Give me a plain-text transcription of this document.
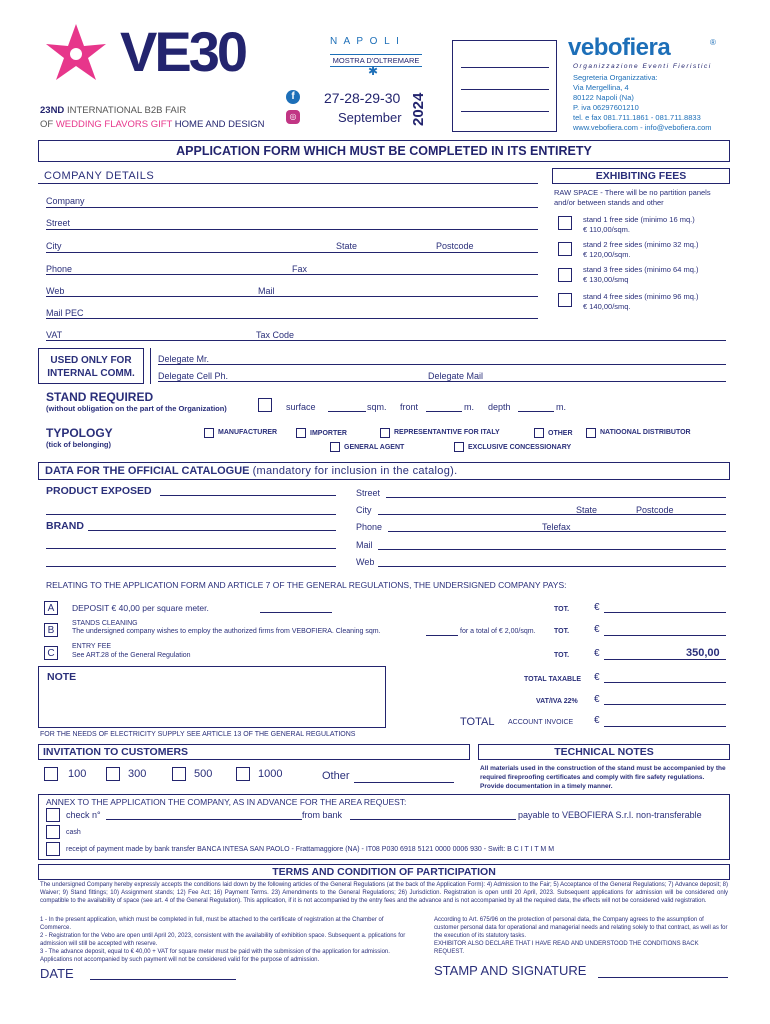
VE30
23ND INTERNATIONAL B2B FAIR
OF WEDDING FLAVORS GIFT HOME AND DESIGN
f
◎
N A P O L I
MOSTRA D'OLTREMARE
✱
27-28-29-30
September 2024
vebofiera	®
Organizzazione Eventi Fieristici
Segreteria Organizzativa:
Via Mergellina, 4
80122 Napoli (Na)
P. iva 06297601210
tel. e fax 081.711.1861 - 081.711.8833
www.vebofiera.com - info@vebofiera.com
APPLICATION FORM WHICH MUST BE COMPLETED IN ITS ENTIRETY
COMPANY DETAILS
Company
Street
City	State	Postcode
Phone	Fax
Web	Mail
Mail PEC
VAT	Tax Code
EXHIBITING FEES
RAW SPACE - There will be no partition panels and/or between stands and other
stand 1 free side (minimo 16 mq.)
€ 110,00/sqm.
stand 2 free sides (minimo 32 mq.)
€ 120,00/sqm.
stand 3 free sides (minimo 64 mq.)
€ 130,00/smq
stand 4 free sides (minimo 96 mq.)
€ 140,00/smq.
USED ONLY FOR
INTERNAL COMM.
Delegate Mr.
Delegate Cell Ph.	Delegate Mail
STAND REQUIRED
(without obligation on the part of the Organization)	surface	sqm. front	m. depth	m.
TYPOLOGY
(tick of belonging)
MANUFACTURER	IMPORTER	REPRESENTANTIVE FOR ITALY	OTHER	NATIOONAL DISTRIBUTOR
GENERAL AGENT	EXCLUSIVE CONCESSIONARY
DATA FOR THE OFFICIAL CATALOGUE (mandatory for inclusion in the catalog).
PRODUCT EXPOSED
BRAND
Street
City	State	Postcode
Phone	Telefax
Mail
Web
RELATING TO THE APPLICATION FORM AND ARTICLE 7 OF THE GENERAL REGULATIONS, THE UNDERSIGNED COMPANY PAYS:
A	DEPOSIT € 40,00 per square meter.	TOT. €
B
STANDS CLEANING
The undersigned company wishes to employ the authorized firms from VEBOFIERA. Cleaning sqm.	for a total of € 2,00/sqm.	TOT. €
C
ENTRY FEE
See ART.28 of the General Regulation	TOT. €	350,00
NOTE	TOTAL TAXABLE €
VAT/IVA 22% €
TOTAL ACCOUNT INVOICE €
FOR THE NEEDS OF ELECTRICITY SUPPLY SEE ARTICLE 13 OF THE GENERAL REGULATIONS
INVITATION TO CUSTOMERS
100	300	500	1000	Other
TECHNICAL NOTES
All materials used in the construction of the stand must be accompanied by the required fireproofing certificates and comply with fire safety regulations. Provide documentation in a timely manner.
ANNEX TO THE APPLICATION THE COMPANY, AS IN ADVANCE FOR THE AREA REQUEST:
check n°	from bank	payable to VEBOFIERA S.r.l. non-transferable
cash
receipt of payment made by bank transfer BANCA INTESA SAN PAOLO - Frattamaggiore (NA) - IT08 P030 6918 5121 0000 0006 930 - Swift: B C I T I T M M
TERMS AND CONDITION OF PARTICIPATION
The undersigned Company hereby expressly accepts the conditions laid down by the following articles of the General Regulations (at the back of the Application Form): 4) Admission to the Fair; 5) Acceptance of the General Regulations; 7) Advance deposit; 8) Waiver; 9) Stand fittings; 10) Assignment stands; 12) Fee Act; 16) Payment Terms. 23) Amendments to the General Regulations; 26) Jurisdiction. Registration is open until 20 April, 2023. Subsequent applications for admission will be considered only compatible to the availability of space (see art. 4 of the General Regulation). This application, if it is not accompanied by the entry fees and the advance and is not accompanied by all the required data, the effects will not be considered valid registration.
1 - In the present application, which must be completed in full, must be attached to the certificate of registration at the Chamber of Commerce.
2 - Registration for the Vebo are open until April 20, 2023, consistent with the availability of exhibition space. Subsequent a. pplications for admission will still be accepted with reserve.
3 - The advance deposit, equal to € 40,00 + VAT for square meter must be paid with the submission of the application for admission. Applications not accompanied by such payment will not be considered valid for the purpose of admission.
According to Art. 675/96 on the protection of personal data, the Company agrees to the assumption of customer personal data for operational and managerial needs and relating solely to that contract, as well as for the execution of its statutory tasks.
EXHIBITOR ALSO DECLARE THAT I HAVE READ AND UNDERSTOOD THE CONDITIONS BACK REQUEST.
DATE	STAMP AND SIGNATURE
